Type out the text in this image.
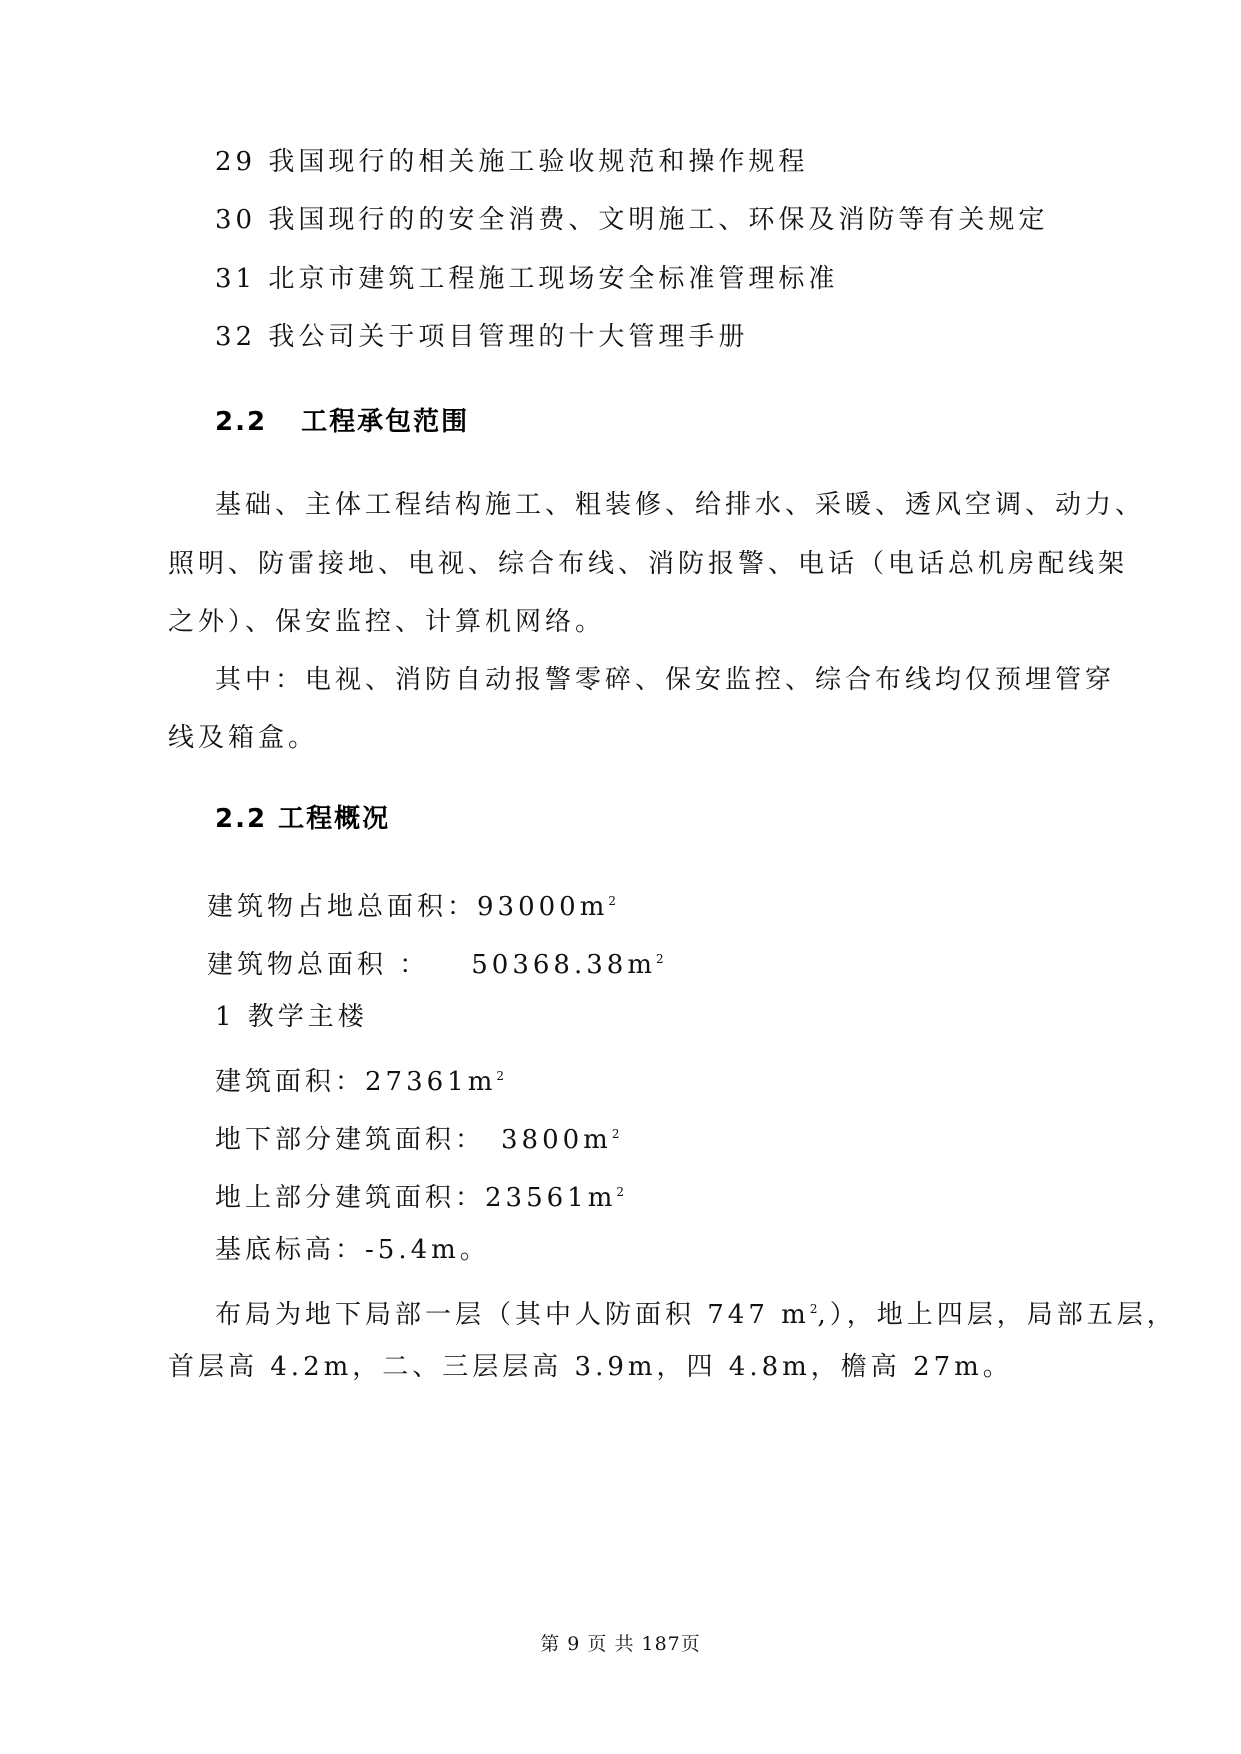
29 我国现行的相关施工验收规范和操作规程
30 我国现行的的安全消费、文明施工、环保及消防等有关规定
31 北京市建筑工程施工现场安全标准管理标准
32 我公司关于项目管理的十大管理手册
2.2 工程承包范围
基础、主体工程结构施工、粗装修、给排水、采暖、透风空调、动力、
照明、防雷接地、电视、综合布线、消防报警、电话（电话总机房配线架
之外）、保安监控、计算机网络。
其中：电视、消防自动报警零碎、保安监控、综合布线均仅预埋管穿
线及箱盒。
2.2 工程概况
建筑物占地总面积：$93000m^2$
建筑物总面积 ： $50368.38m^2$
1 教学主楼
建筑面积：$27361m^2$
地下部分建筑面积： $3800m^2$
地上部分建筑面积：$23561m^2$
基底标高：-5.4m。
布局为地下局部一层（其中人防面积 747 $m^2$,），地上四层，局部五层，
首层高 4.2m，二、三层层高 3.9m，四 4.8m，檐高 27m。
第 9 页 共 187页
